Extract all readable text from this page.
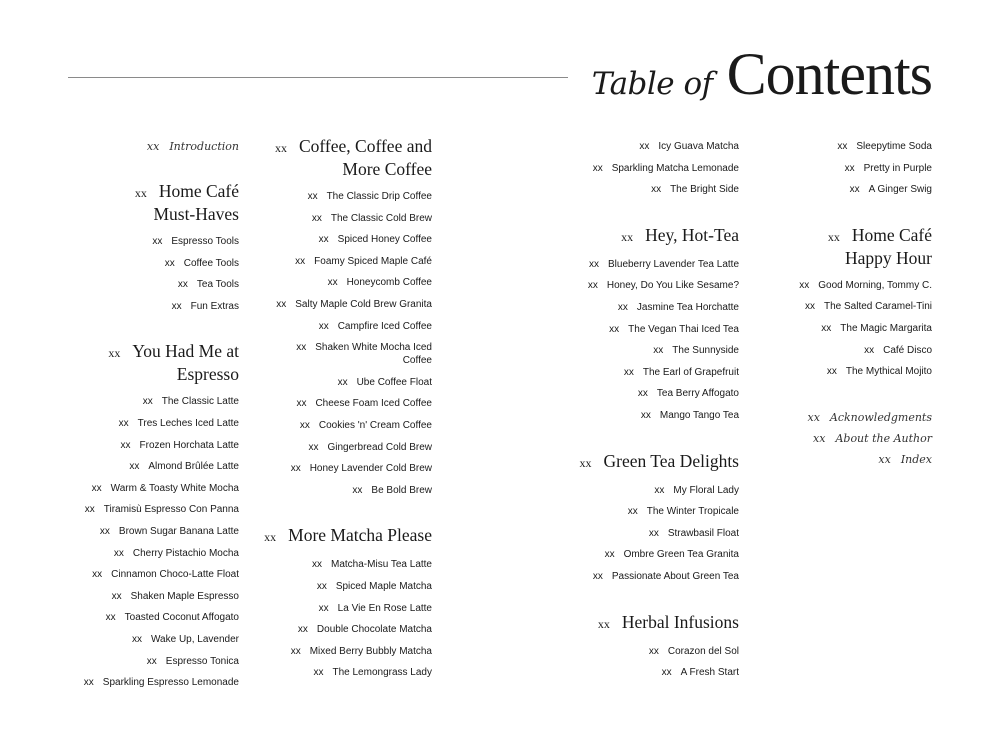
Table of Contents
xx Introduction
xx Home Café
Must-Haves
xx Espresso Tools
xx Coffee Tools
xx Tea Tools
xx Fun Extras
xx You Had Me at
Espresso
xx The Classic Latte
xx Tres Leches Iced Latte
xx Frozen Horchata Latte
xx Almond Brûlée Latte
xx Warm & Toasty White Mocha
xx Tiramisù Espresso Con Panna
xx Brown Sugar Banana Latte
xx Cherry Pistachio Mocha
xx Cinnamon Choco-Latte Float
xx Shaken Maple Espresso
xx Toasted Coconut Affogato
xx Wake Up, Lavender
xx Espresso Tonica
xx Sparkling Espresso Lemonade
xx Coffee, Coffee and
More Coffee
xx The Classic Drip Coffee
xx The Classic Cold Brew
xx Spiced Honey Coffee
xx Foamy Spiced Maple Café
xx Honeycomb Coffee
xx Salty Maple Cold Brew Granita
xx Campfire Iced Coffee
xx Shaken White Mocha Iced
Coffee
xx Ube Coffee Float
xx Cheese Foam Iced Coffee
xx Cookies 'n' Cream Coffee
xx Gingerbread Cold Brew
xx Honey Lavender Cold Brew
xx Be Bold Brew
xx More Matcha Please
xx Matcha-Misu Tea Latte
xx Spiced Maple Matcha
xx La Vie En Rose Latte
xx Double Chocolate Matcha
xx Mixed Berry Bubbly Matcha
xx The Lemongrass Lady
xx Icy Guava Matcha
xx Sparkling Matcha Lemonade
xx The Bright Side
xx Hey, Hot-Tea
xx Blueberry Lavender Tea Latte
xx Honey, Do You Like Sesame?
xx Jasmine Tea Horchatte
xx The Vegan Thai Iced Tea
xx The Sunnyside
xx The Earl of Grapefruit
xx Tea Berry Affogato
xx Mango Tango Tea
xx Green Tea Delights
xx My Floral Lady
xx The Winter Tropicale
xx Strawbasil Float
xx Ombre Green Tea Granita
xx Passionate About Green Tea
xx Herbal Infusions
xx Corazon del Sol
xx A Fresh Start
xx Sleepytime Soda
xx Pretty in Purple
xx A Ginger Swig
xx Home Café
Happy Hour
xx Good Morning, Tommy C.
xx The Salted Caramel-Tini
xx The Magic Margarita
xx Café Disco
xx The Mythical Mojito
xx Acknowledgments
xx About the Author
xx Index
